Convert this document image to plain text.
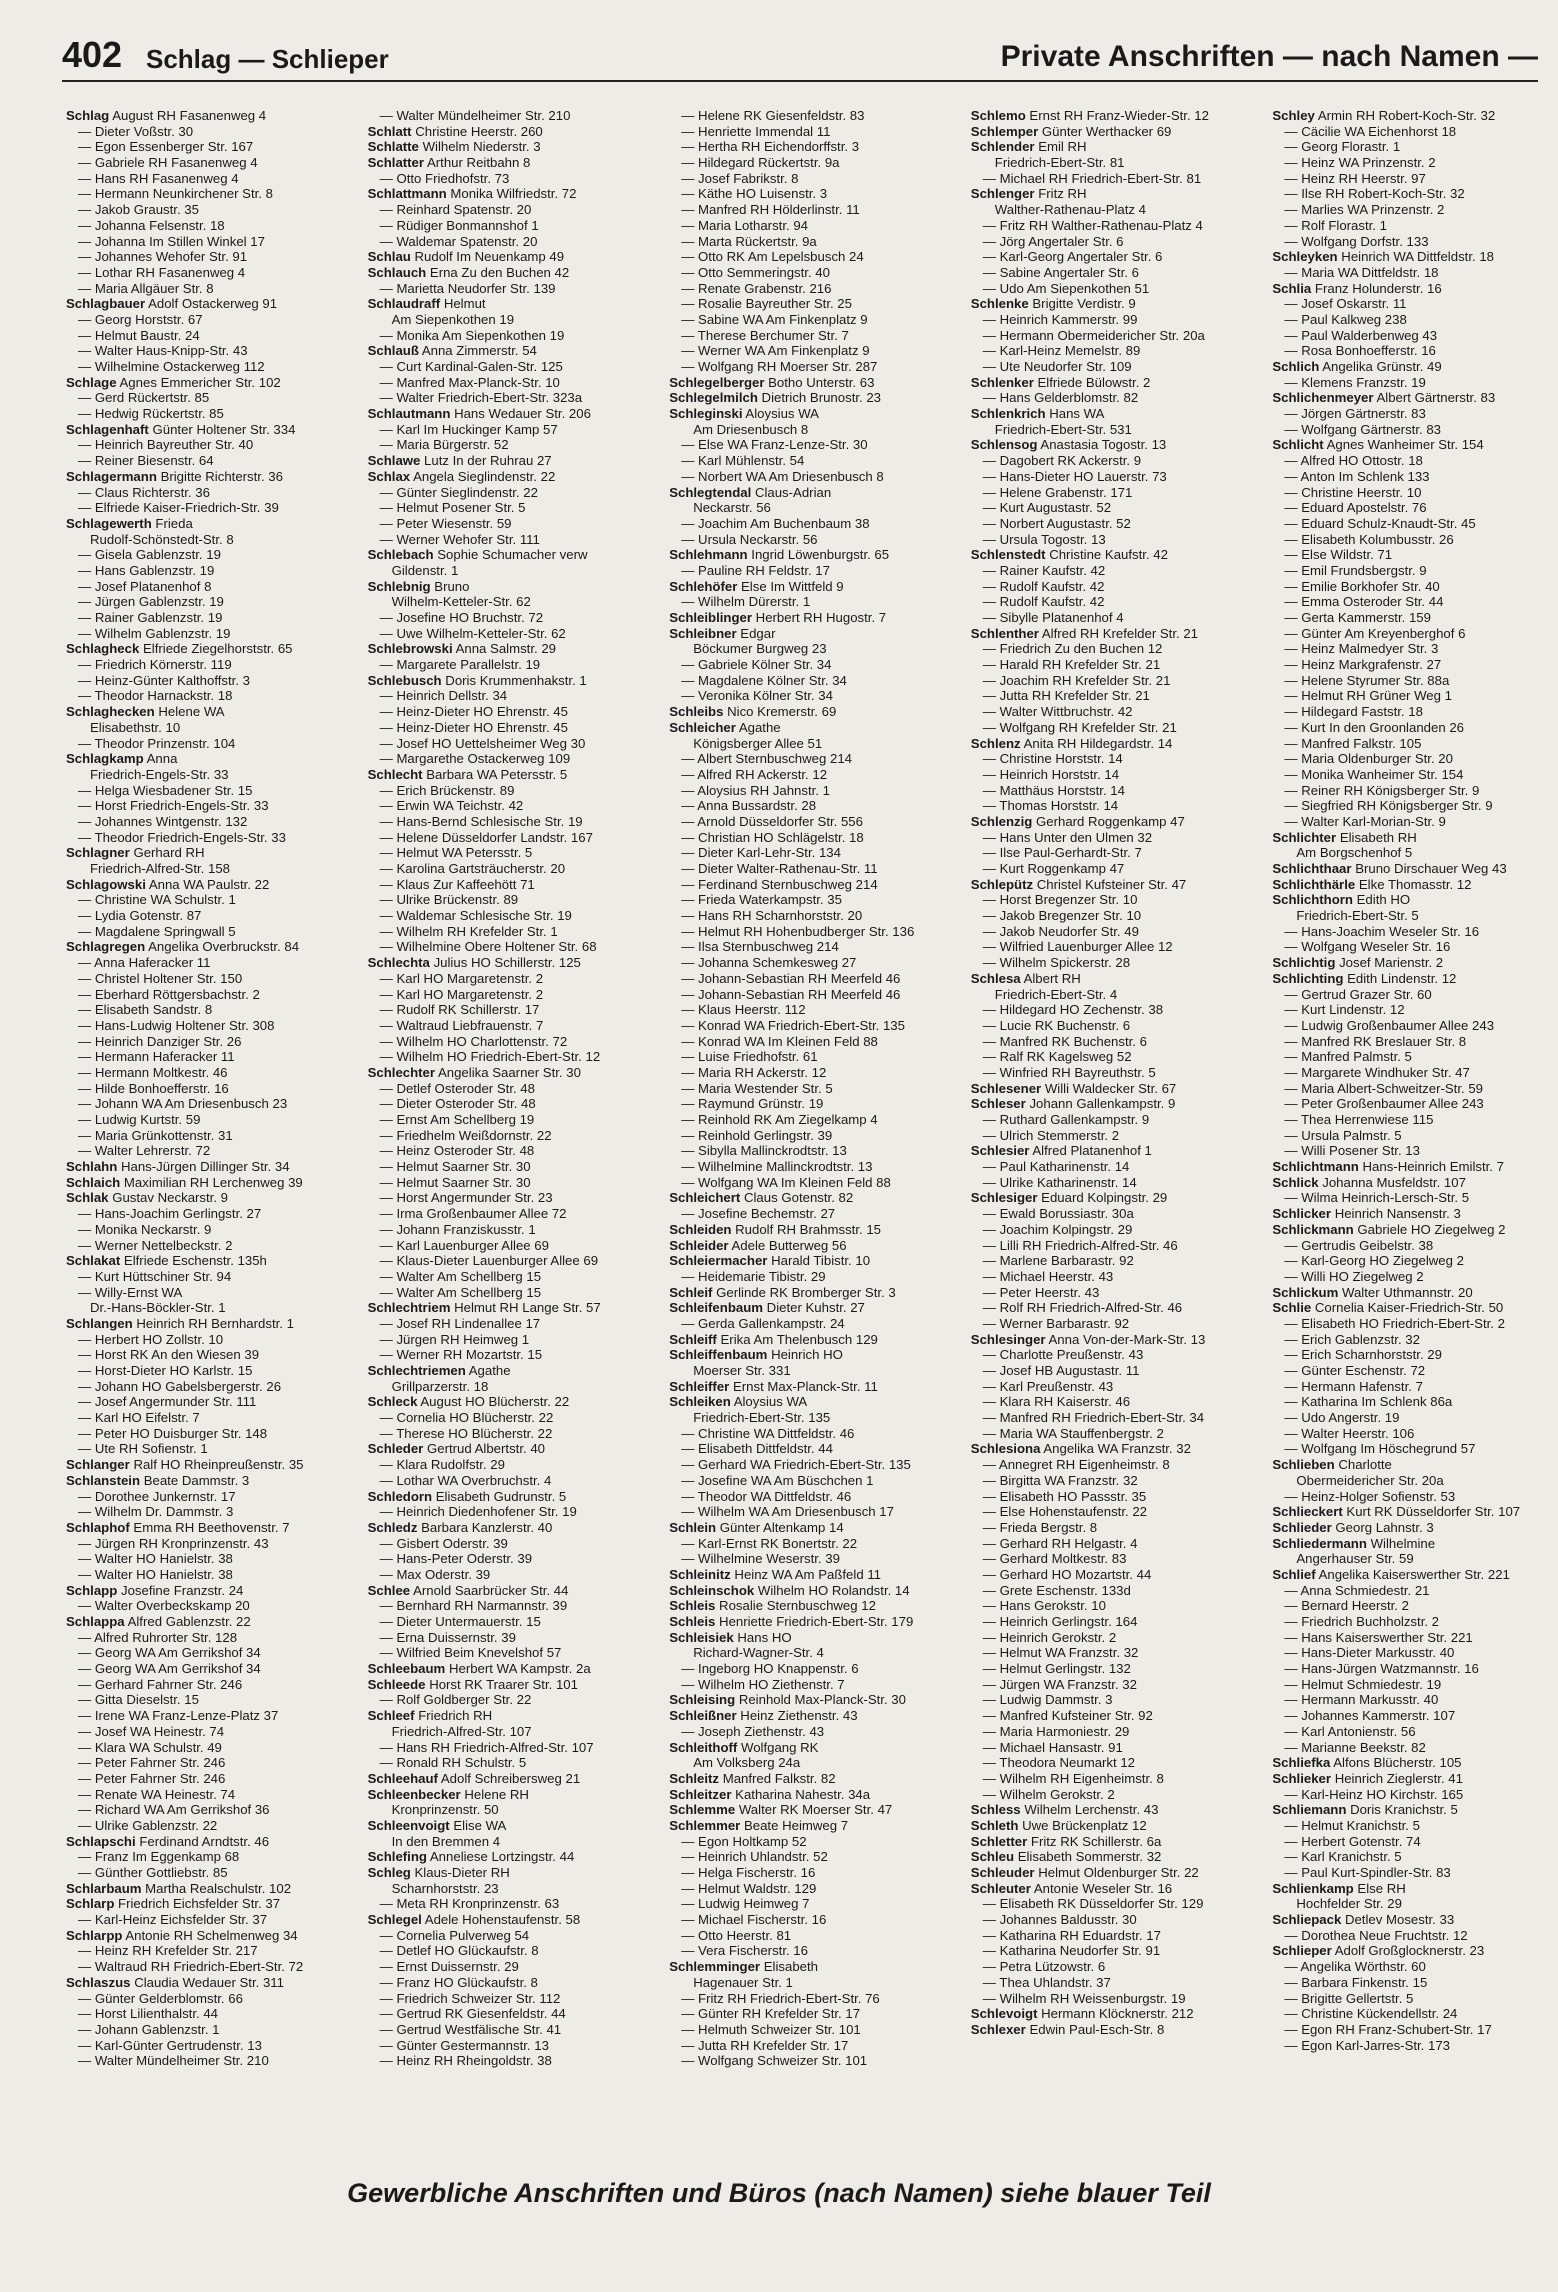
402 Schlag — Schlieper	Private Anschriften — nach Namen —
Schlag August RH Fasanenweg 4
— Dieter Voßstr. 30
— Egon Essenberger Str. 167
— Gabriele RH Fasanenweg 4
— Hans RH Fasanenweg 4
— Hermann Neunkirchener Str. 8
— Jakob Graustr. 35
— Johanna Felsenstr. 18
— Johanna Im Stillen Winkel 17
— Johannes Wehofer Str. 91
— Lothar RH Fasanenweg 4
— Maria Allgäuer Str. 8
Schlagbauer Adolf Ostackerweg 91
— Georg Horststr. 67
— Helmut Baustr. 24
— Walter Haus-Knipp-Str. 43
— Wilhelmine Ostackerweg 112
Schlage Agnes Emmericher Str. 102
— Gerd Rückertstr. 85
— Hedwig Rückertstr. 85
Schlagenhaft Günter Holtener Str. 334
— Heinrich Bayreuther Str. 40
— Reiner Biesenstr. 64
Schlagermann Brigitte Richterstr. 36
— Claus Richterstr. 36
— Elfriede Kaiser-Friedrich-Str. 39
Schlagewerth Frieda
Rudolf-Schönstedt-Str. 8
— Gisela Gablenzstr. 19
— Hans Gablenzstr. 19
— Josef Platanenhof 8
— Jürgen Gablenzstr. 19
— Rainer Gablenzstr. 19
— Wilhelm Gablenzstr. 19
Schlagheck Elfriede Ziegelhorststr. 65
— Friedrich Körnerstr. 119
— Heinz-Günter Kalthoffstr. 3
— Theodor Harnackstr. 18
Schlaghecken Helene WA
Elisabethstr. 10
— Theodor Prinzenstr. 104
Schlagkamp Anna
Friedrich-Engels-Str. 33
— Helga Wiesbadener Str. 15
— Horst Friedrich-Engels-Str. 33
— Johannes Wintgenstr. 132
— Theodor Friedrich-Engels-Str. 33
Schlagner Gerhard RH
Friedrich-Alfred-Str. 158
Schlagowski Anna WA Paulstr. 22
— Christine WA Schulstr. 1
— Lydia Gotenstr. 87
— Magdalene Springwall 5
Schlagregen Angelika Overbruckstr. 84
— Anna Haferacker 11
— Christel Holtener Str. 150
— Eberhard Röttgersbachstr. 2
— Elisabeth Sandstr. 8
— Hans-Ludwig Holtener Str. 308
— Heinrich Danziger Str. 26
— Hermann Haferacker 11
— Hermann Moltkestr. 46
— Hilde Bonhoefferstr. 16
— Johann WA Am Driesenbusch 23
— Ludwig Kurtstr. 59
— Maria Grünkottenstr. 31
— Walter Lehrerstr. 72
Schlahn Hans-Jürgen Dillinger Str. 34
Schlaich Maximilian RH Lerchenweg 39
Schlak Gustav Neckarstr. 9
— Hans-Joachim Gerlingstr. 27
— Monika Neckarstr. 9
— Werner Nettelbeckstr. 2
Schlakat Elfriede Eschenstr. 135h
— Kurt Hüttschiner Str. 94
— Willy-Ernst WA
Dr.-Hans-Böckler-Str. 1
Schlangen Heinrich RH Bernhardstr. 1
— Herbert HO Zollstr. 10
— Horst RK An den Wiesen 39
— Horst-Dieter HO Karlstr. 15
— Johann HO Gabelsbergerstr. 26
— Josef Angermunder Str. 111
— Karl HO Eifelstr. 7
— Peter HO Duisburger Str. 148
— Ute RH Sofienstr. 1
Schlanger Ralf HO Rheinpreußenstr. 35
Schlanstein Beate Dammstr. 3
— Dorothee Junkernstr. 17
— Wilhelm Dr. Dammstr. 3
Schlaphof Emma RH Beethovenstr. 7
— Jürgen RH Kronprinzenstr. 43
— Walter HO Hanielstr. 38
— Walter HO Hanielstr. 38
Schlapp Josefine Franzstr. 24
— Walter Overbeckskamp 20
Schlappa Alfred Gablenzstr. 22
— Alfred Ruhrorter Str. 128
— Georg WA Am Gerrikshof 34
— Georg WA Am Gerrikshof 34
— Gerhard Fahrner Str. 246
— Gitta Dieselstr. 15
— Irene WA Franz-Lenze-Platz 37
— Josef WA Heinestr. 74
— Klara WA Schulstr. 49
— Peter Fahrner Str. 246
— Peter Fahrner Str. 246
— Renate WA Heinestr. 74
— Richard WA Am Gerrikshof 36
— Ulrike Gablenzstr. 22
Schlapschi Ferdinand Arndtstr. 46
— Franz Im Eggenkamp 68
— Günther Gottliebstr. 85
Schlarbaum Martha Realschulstr. 102
Schlarp Friedrich Eichsfelder Str. 37
— Karl-Heinz Eichsfelder Str. 37
Schlarpp Antonie RH Schelmenweg 34
— Heinz RH Krefelder Str. 217
— Waltraud RH Friedrich-Ebert-Str. 72
Schlaszus Claudia Wedauer Str. 311
— Günter Gelderblomstr. 66
— Horst Lilienthalstr. 44
— Johann Gablenzstr. 1
— Karl-Günter Gertrudenstr. 13
— Walter Mündelheimer Str. 210
— Walter Mündelheimer Str. 210
Schlatt Christine Heerstr. 260
Schlatte Wilhelm Niederstr. 3
Schlatter Arthur Reitbahn 8
— Otto Friedhofstr. 73
Schlattmann Monika Wilfriedstr. 72
— Reinhard Spatenstr. 20
— Rüdiger Bonmannshof 1
— Waldemar Spatenstr. 20
Schlau Rudolf Im Neuenkamp 49
Schlauch Erna Zu den Buchen 42
— Marietta Neudorfer Str. 139
Schlaudraff Helmut
Am Siepenkothen 19
— Monika Am Siepenkothen 19
Schlauß Anna Zimmerstr. 54
— Curt Kardinal-Galen-Str. 125
— Manfred Max-Planck-Str. 10
— Walter Friedrich-Ebert-Str. 323a
Schlautmann Hans Wedauer Str. 206
— Karl Im Huckinger Kamp 57
— Maria Bürgerstr. 52
Schlawe Lutz In der Ruhrau 27
Schlax Angela Sieglindenstr. 22
— Günter Sieglindenstr. 22
— Helmut Posener Str. 5
— Peter Wiesenstr. 59
— Werner Wehofer Str. 111
Schlebach Sophie Schumacher verw
Gildenstr. 1
Schlebnig Bruno
Wilhelm-Ketteler-Str. 62
— Josefine HO Bruchstr. 72
— Uwe Wilhelm-Ketteler-Str. 62
Schlebrowski Anna Salmstr. 29
— Margarete Parallelstr. 19
Schlebusch Doris Krummenhakstr. 1
— Heinrich Dellstr. 34
— Heinz-Dieter HO Ehrenstr. 45
— Heinz-Dieter HO Ehrenstr. 45
— Josef HO Uettelsheimer Weg 30
— Margarethe Ostackerweg 109
Schlecht Barbara WA Petersstr. 5
— Erich Brückenstr. 89
— Erwin WA Teichstr. 42
— Hans-Bernd Schlesische Str. 19
— Helene Düsseldorfer Landstr. 167
— Helmut WA Petersstr. 5
— Karolina Gartsträucherstr. 20
— Klaus Zur Kaffeehött 71
— Ulrike Brückenstr. 89
— Waldemar Schlesische Str. 19
— Wilhelm RH Krefelder Str. 1
— Wilhelmine Obere Holtener Str. 68
Schlechta Julius HO Schillerstr. 125
— Karl HO Margaretenstr. 2
— Karl HO Margaretenstr. 2
— Rudolf RK Schillerstr. 17
— Waltraud Liebfrauenstr. 7
— Wilhelm HO Charlottenstr. 72
— Wilhelm HO Friedrich-Ebert-Str. 12
Schlechter Angelika Saarner Str. 30
— Detlef Osteroder Str. 48
— Dieter Osteroder Str. 48
— Ernst Am Schellberg 19
— Friedhelm Weißdornstr. 22
— Heinz Osteroder Str. 48
— Helmut Saarner Str. 30
— Helmut Saarner Str. 30
— Horst Angermunder Str. 23
— Irma Großenbaumer Allee 72
— Johann Franziskusstr. 1
— Karl Lauenburger Allee 69
— Klaus-Dieter Lauenburger Allee 69
— Walter Am Schellberg 15
— Walter Am Schellberg 15
Schlechtriem Helmut RH Lange Str. 57
— Josef RH Lindenallee 17
— Jürgen RH Heimweg 1
— Werner RH Mozartstr. 15
Schlechtriemen Agathe
Grillparzerstr. 18
Schleck August HO Blücherstr. 22
— Cornelia HO Blücherstr. 22
— Therese HO Blücherstr. 22
Schleder Gertrud Albertstr. 40
— Klara Rudolfstr. 29
— Lothar WA Overbruchstr. 4
Schledorn Elisabeth Gudrunstr. 5
— Heinrich Diedenhofener Str. 19
Schledz Barbara Kanzlerstr. 40
— Gisbert Oderstr. 39
— Hans-Peter Oderstr. 39
— Max Oderstr. 39
Schlee Arnold Saarbrücker Str. 44
— Bernhard RH Narmannstr. 39
— Dieter Untermauerstr. 15
— Erna Duissernstr. 39
— Wilfried Beim Knevelshof 57
Schleebaum Herbert WA Kampstr. 2a
Schleede Horst RK Traarer Str. 101
— Rolf Goldberger Str. 22
Schleef Friedrich RH
Friedrich-Alfred-Str. 107
— Hans RH Friedrich-Alfred-Str. 107
— Ronald RH Schulstr. 5
Schleehauf Adolf Schreibersweg 21
Schleenbecker Helene RH
Kronprinzenstr. 50
Schleenvoigt Elise WA
In den Bremmen 4
Schlefing Anneliese Lortzingstr. 44
Schleg Klaus-Dieter RH
Scharnhorststr. 23
— Meta RH Kronprinzenstr. 63
Schlegel Adele Hohenstaufenstr. 58
— Cornelia Pulverweg 54
— Detlef HO Glückaufstr. 8
— Ernst Duissernstr. 29
— Franz HO Glückaufstr. 8
— Friedrich Schweizer Str. 112
— Gertrud RK Giesenfeldstr. 44
— Gertrud Westfälische Str. 41
— Günter Gestermannstr. 13
— Heinz RH Rheingoldstr. 38
— Helene RK Giesenfeldstr. 83
— Henriette Immendal 11
— Hertha RH Eichendorffstr. 3
— Hildegard Rückertstr. 9a
— Josef Fabrikstr. 8
— Käthe HO Luisenstr. 3
— Manfred RH Hölderlinstr. 11
— Maria Lotharstr. 94
— Marta Rückertstr. 9a
— Otto RK Am Lepelsbusch 24
— Otto Semmeringstr. 40
— Renate Grabenstr. 216
— Rosalie Bayreuther Str. 25
— Sabine WA Am Finkenplatz 9
— Therese Berchumer Str. 7
— Werner WA Am Finkenplatz 9
— Wolfgang RH Moerser Str. 287
Schlegelberger Botho Unterstr. 63
Schlegelmilch Dietrich Brunostr. 23
Schleginski Aloysius WA
Am Driesenbusch 8
— Else WA Franz-Lenze-Str. 30
— Karl Mühlenstr. 54
— Norbert WA Am Driesenbusch 8
Schlegtendal Claus-Adrian
Neckarstr. 56
— Joachim Am Buchenbaum 38
— Ursula Neckarstr. 56
Schlehmann Ingrid Löwenburgstr. 65
— Pauline RH Feldstr. 17
Schlehöfer Else Im Wittfeld 9
— Wilhelm Dürerstr. 1
Schleiblinger Herbert RH Hugostr. 7
Schleibner Edgar
Böckumer Burgweg 23
— Gabriele Kölner Str. 34
— Magdalene Kölner Str. 34
— Veronika Kölner Str. 34
Schleibs Nico Kremerstr. 69
Schleicher Agathe
Königsberger Allee 51
— Albert Sternbuschweg 214
— Alfred RH Ackerstr. 12
— Aloysius RH Jahnstr. 1
— Anna Bussardstr. 28
— Arnold Düsseldorfer Str. 556
— Christian HO Schlägelstr. 18
— Dieter Karl-Lehr-Str. 134
— Dieter Walter-Rathenau-Str. 11
— Ferdinand Sternbuschweg 214
— Frieda Waterkampstr. 35
— Hans RH Scharnhorststr. 20
— Helmut RH Hohenbudberger Str. 136
— Ilsa Sternbuschweg 214
— Johanna Schemkesweg 27
— Johann-Sebastian RH Meerfeld 46
— Johann-Sebastian RH Meerfeld 46
— Klaus Heerstr. 112
— Konrad WA Friedrich-Ebert-Str. 135
— Konrad WA Im Kleinen Feld 88
— Luise Friedhofstr. 61
— Maria RH Ackerstr. 12
— Maria Westender Str. 5
— Raymund Grünstr. 19
— Reinhold RK Am Ziegelkamp 4
— Reinhold Gerlingstr. 39
— Sibylla Mallinckrodtstr. 13
— Wilhelmine Mallinckrodtstr. 13
— Wolfgang WA Im Kleinen Feld 88
Schleichert Claus Gotenstr. 82
— Josefine Bechemstr. 27
Schleiden Rudolf RH Brahmsstr. 15
Schleider Adele Butterweg 56
Schleiermacher Harald Tibistr. 10
— Heidemarie Tibistr. 29
Schleif Gerlinde RK Bromberger Str. 3
Schleifenbaum Dieter Kuhstr. 27
— Gerda Gallenkampstr. 24
Schleiff Erika Am Thelenbusch 129
Schleiffenbaum Heinrich HO
Moerser Str. 331
Schleiffer Ernst Max-Planck-Str. 11
Schleiken Aloysius WA
Friedrich-Ebert-Str. 135
— Christine WA Dittfeldstr. 46
— Elisabeth Dittfeldstr. 44
— Gerhard WA Friedrich-Ebert-Str. 135
— Josefine WA Am Büschchen 1
— Theodor WA Dittfeldstr. 46
— Wilhelm WA Am Driesenbusch 17
Schlein Günter Altenkamp 14
— Karl-Ernst RK Bonertstr. 22
— Wilhelmine Weserstr. 39
Schleinitz Heinz WA Am Paßfeld 11
Schleinschok Wilhelm HO Rolandstr. 14
Schleis Rosalie Sternbuschweg 12
Schleis Henriette Friedrich-Ebert-Str. 179
Schleisiek Hans HO
Richard-Wagner-Str. 4
— Ingeborg HO Knappenstr. 6
— Wilhelm HO Ziethenstr. 7
Schleising Reinhold Max-Planck-Str. 30
Schleißner Heinz Ziethenstr. 43
— Joseph Ziethenstr. 43
Schleithoff Wolfgang RK
Am Volksberg 24a
Schleitz Manfred Falkstr. 82
Schleitzer Katharina Nahestr. 34a
Schlemme Walter RK Moerser Str. 47
Schlemmer Beate Heimweg 7
— Egon Holtkamp 52
— Heinrich Uhlandstr. 52
— Helga Fischerstr. 16
— Helmut Waldstr. 129
— Ludwig Heimweg 7
— Michael Fischerstr. 16
— Otto Heerstr. 81
— Vera Fischerstr. 16
Schlemminger Elisabeth
Hagenauer Str. 1
— Fritz RH Friedrich-Ebert-Str. 76
— Günter RH Krefelder Str. 17
— Helmuth Schweizer Str. 101
— Jutta RH Krefelder Str. 17
— Wolfgang Schweizer Str. 101
Schlemo Ernst RH Franz-Wieder-Str. 12
Schlemper Günter Werthacker 69
Schlender Emil RH
Friedrich-Ebert-Str. 81
— Michael RH Friedrich-Ebert-Str. 81
Schlenger Fritz RH
Walther-Rathenau-Platz 4
— Fritz RH Walther-Rathenau-Platz 4
— Jörg Angertaler Str. 6
— Karl-Georg Angertaler Str. 6
— Sabine Angertaler Str. 6
— Udo Am Siepenkothen 51
Schlenke Brigitte Verdistr. 9
— Heinrich Kammerstr. 99
— Hermann Obermeidericher Str. 20a
— Karl-Heinz Memelstr. 89
— Ute Neudorfer Str. 109
Schlenker Elfriede Bülowstr. 2
— Hans Gelderblomstr. 82
Schlenkrich Hans WA
Friedrich-Ebert-Str. 531
Schlensog Anastasia Togostr. 13
— Dagobert RK Ackerstr. 9
— Hans-Dieter HO Lauerstr. 73
— Helene Grabenstr. 171
— Kurt Augustastr. 52
— Norbert Augustastr. 52
— Ursula Togostr. 13
Schlenstedt Christine Kaufstr. 42
— Rainer Kaufstr. 42
— Rudolf Kaufstr. 42
— Rudolf Kaufstr. 42
— Sibylle Platanenhof 4
Schlenther Alfred RH Krefelder Str. 21
— Friedrich Zu den Buchen 12
— Harald RH Krefelder Str. 21
— Joachim RH Krefelder Str. 21
— Jutta RH Krefelder Str. 21
— Walter Wittbruchstr. 42
— Wolfgang RH Krefelder Str. 21
Schlenz Anita RH Hildegardstr. 14
— Christine Horststr. 14
— Heinrich Horststr. 14
— Matthäus Horststr. 14
— Thomas Horststr. 14
Schlenzig Gerhard Roggenkamp 47
— Hans Unter den Ulmen 32
— Ilse Paul-Gerhardt-Str. 7
— Kurt Roggenkamp 47
Schlepütz Christel Kufsteiner Str. 47
— Horst Bregenzer Str. 10
— Jakob Bregenzer Str. 10
— Jakob Neudorfer Str. 49
— Wilfried Lauenburger Allee 12
— Wilhelm Spickerstr. 28
Schlesa Albert RH
Friedrich-Ebert-Str. 4
— Hildegard HO Zechenstr. 38
— Lucie RK Buchenstr. 6
— Manfred RK Buchenstr. 6
— Ralf RK Kagelsweg 52
— Winfried RH Bayreuthstr. 5
Schlesener Willi Waldecker Str. 67
Schleser Johann Gallenkampstr. 9
— Ruthard Gallenkampstr. 9
— Ulrich Stemmerstr. 2
Schlesier Alfred Platanenhof 1
— Paul Katharinenstr. 14
— Ulrike Katharinenstr. 14
Schlesiger Eduard Kolpingstr. 29
— Ewald Borussiastr. 30a
— Joachim Kolpingstr. 29
— Lilli RH Friedrich-Alfred-Str. 46
— Marlene Barbarastr. 92
— Michael Heerstr. 43
— Peter Heerstr. 43
— Rolf RH Friedrich-Alfred-Str. 46
— Werner Barbarastr. 92
Schlesinger Anna Von-der-Mark-Str. 13
— Charlotte Preußenstr. 43
— Josef HB Augustastr. 11
— Karl Preußenstr. 43
— Klara RH Kaiserstr. 46
— Manfred RH Friedrich-Ebert-Str. 34
— Maria WA Stauffenbergstr. 2
Schlesiona Angelika WA Franzstr. 32
— Annegret RH Eigenheimstr. 8
— Birgitta WA Franzstr. 32
— Elisabeth HO Passstr. 35
— Else Hohenstaufenstr. 22
— Frieda Bergstr. 8
— Gerhard RH Helgastr. 4
— Gerhard Moltkestr. 83
— Gerhard HO Mozartstr. 44
— Grete Eschenstr. 133d
— Hans Gerokstr. 10
— Heinrich Gerlingstr. 164
— Heinrich Gerokstr. 2
— Helmut WA Franzstr. 32
— Helmut Gerlingstr. 132
— Jürgen WA Franzstr. 32
— Ludwig Dammstr. 3
— Manfred Kufsteiner Str. 92
— Maria Harmoniestr. 29
— Michael Hansastr. 91
— Theodora Neumarkt 12
— Wilhelm RH Eigenheimstr. 8
— Wilhelm Gerokstr. 2
Schless Wilhelm Lerchenstr. 43
Schleth Uwe Brückenplatz 12
Schletter Fritz RK Schillerstr. 6a
Schleu Elisabeth Sommerstr. 32
Schleuder Helmut Oldenburger Str. 22
Schleuter Antonie Weseler Str. 16
— Elisabeth RK Düsseldorfer Str. 129
— Johannes Baldusstr. 30
— Katharina RH Eduardstr. 17
— Katharina Neudorfer Str. 91
— Petra Lützowstr. 6
— Thea Uhlandstr. 37
— Wilhelm RH Weissenburgstr. 19
Schlevoigt Hermann Klöcknerstr. 212
Schlexer Edwin Paul-Esch-Str. 8
Schley Armin RH Robert-Koch-Str. 32
— Cäcilie WA Eichenhorst 18
— Georg Florastr. 1
— Heinz WA Prinzenstr. 2
— Heinz RH Heerstr. 97
— Ilse RH Robert-Koch-Str. 32
— Marlies WA Prinzenstr. 2
— Rolf Florastr. 1
— Wolfgang Dorfstr. 133
Schleyken Heinrich WA Dittfeldstr. 18
— Maria WA Dittfeldstr. 18
Schlia Franz Holunderstr. 16
— Josef Oskarstr. 11
— Paul Kalkweg 238
— Paul Walderbenweg 43
— Rosa Bonhoefferstr. 16
Schlich Angelika Grünstr. 49
— Klemens Franzstr. 19
Schlichenmeyer Albert Gärtnerstr. 83
— Jörgen Gärtnerstr. 83
— Wolfgang Gärtnerstr. 83
Schlicht Agnes Wanheimer Str. 154
— Alfred HO Ottostr. 18
— Anton Im Schlenk 133
— Christine Heerstr. 10
— Eduard Apostelstr. 76
— Eduard Schulz-Knaudt-Str. 45
— Elisabeth Kolumbusstr. 26
— Else Wildstr. 71
— Emil Frundsbergstr. 9
— Emilie Borkhofer Str. 40
— Emma Osteroder Str. 44
— Gerta Kammerstr. 159
— Günter Am Kreyenberghof 6
— Heinz Malmedyer Str. 3
— Heinz Markgrafenstr. 27
— Helene Styrumer Str. 88a
— Helmut RH Grüner Weg 1
— Hildegard Faststr. 18
— Kurt In den Groonlanden 26
— Manfred Falkstr. 105
— Maria Oldenburger Str. 20
— Monika Wanheimer Str. 154
— Reiner RH Königsberger Str. 9
— Siegfried RH Königsberger Str. 9
— Walter Karl-Morian-Str. 9
Schlichter Elisabeth RH
Am Borgschenhof 5
Schlichthaar Bruno Dirschauer Weg 43
Schlichthärle Elke Thomasstr. 12
Schlichthorn Edith HO
Friedrich-Ebert-Str. 5
— Hans-Joachim Weseler Str. 16
— Wolfgang Weseler Str. 16
Schlichtig Josef Marienstr. 2
Schlichting Edith Lindenstr. 12
— Gertrud Grazer Str. 60
— Kurt Lindenstr. 12
— Ludwig Großenbaumer Allee 243
— Manfred RK Breslauer Str. 8
— Manfred Palmstr. 5
— Margarete Windhuker Str. 47
— Maria Albert-Schweitzer-Str. 59
— Peter Großenbaumer Allee 243
— Thea Herrenwiese 115
— Ursula Palmstr. 5
— Willi Posener Str. 13
Schlichtmann Hans-Heinrich Emilstr. 7
Schlick Johanna Musfeldstr. 107
— Wilma Heinrich-Lersch-Str. 5
Schlicker Heinrich Nansenstr. 3
Schlickmann Gabriele HO Ziegelweg 2
— Gertrudis Geibelstr. 38
— Karl-Georg HO Ziegelweg 2
— Willi HO Ziegelweg 2
Schlickum Walter Uthmannstr. 20
Schlie Cornelia Kaiser-Friedrich-Str. 50
— Elisabeth HO Friedrich-Ebert-Str. 2
— Erich Gablenzstr. 32
— Erich Scharnhorststr. 29
— Günter Eschenstr. 72
— Hermann Hafenstr. 7
— Katharina Im Schlenk 86a
— Udo Angerstr. 19
— Walter Heerstr. 106
— Wolfgang Im Höschegrund 57
Schlieben Charlotte
Obermeidericher Str. 20a
— Heinz-Holger Sofienstr. 53
Schlieckert Kurt RK Düsseldorfer Str. 107
Schlieder Georg Lahnstr. 3
Schliedermann Wilhelmine
Angerhauser Str. 59
Schlief Angelika Kaiserswerther Str. 221
— Anna Schmiedestr. 21
— Bernard Heerstr. 2
— Friedrich Buchholzstr. 2
— Hans Kaiserswerther Str. 221
— Hans-Dieter Markusstr. 40
— Hans-Jürgen Watzmannstr. 16
— Helmut Schmiedestr. 19
— Hermann Markusstr. 40
— Johannes Kammerstr. 107
— Karl Antonienstr. 56
— Marianne Beekstr. 82
Schliefka Alfons Blücherstr. 105
Schlieker Heinrich Zieglerstr. 41
— Karl-Heinz HO Kirchstr. 165
Schliemann Doris Kranichstr. 5
— Helmut Kranichstr. 5
— Herbert Gotenstr. 74
— Karl Kranichstr. 5
— Paul Kurt-Spindler-Str. 83
Schlienkamp Else RH
Hochfelder Str. 29
Schliepack Detlev Mosestr. 33
— Dorothea Neue Fruchtstr. 12
Schlieper Adolf Großglocknerstr. 23
— Angelika Wörthstr. 60
— Barbara Finkenstr. 15
— Brigitte Gellertstr. 5
— Christine Kückendellstr. 24
— Egon RH Franz-Schubert-Str. 17
— Egon Karl-Jarres-Str. 173
Gewerbliche Anschriften und Büros (nach Namen) siehe blauer Teil
